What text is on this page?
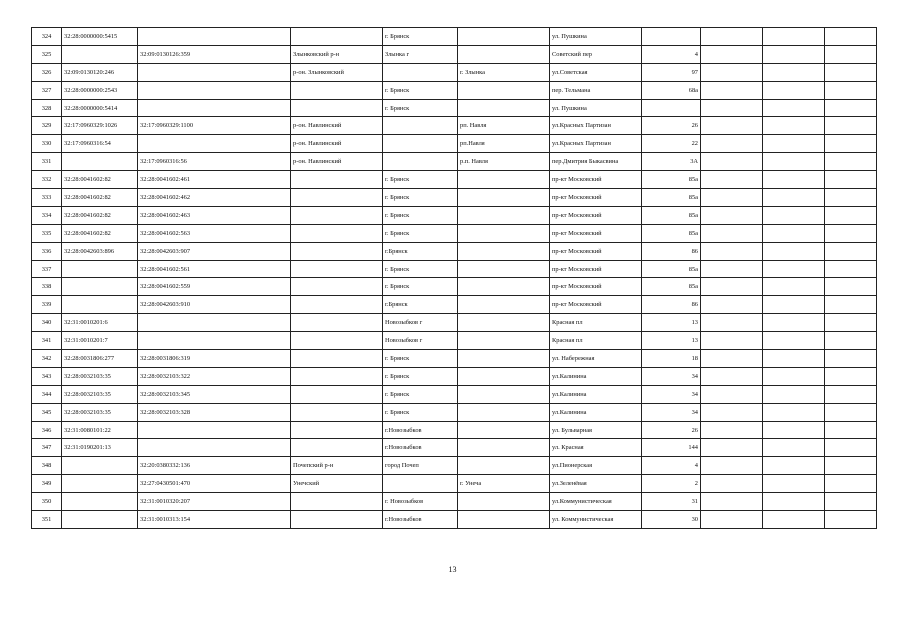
324	32:28:0000000:5415			г. Брянск		ул. Пушкина				
325		32:09:0130126:359	Злынковский р-н	Злынка г		Советский пер	4			
326	32:09:0130120:246		р-он. Злынковский		г. Злынка	ул.Советская	97			
327	32:28:0000000:2543			г. Брянск		пер. Тельмана	68а			
328	32:28:0000000:5414			г. Брянск		ул. Пушкина				
329	32:17:0960329:1026	32:17:0960329:1100	р-он. Навлинский		рп. Навля	ул.Красных Партизан	26			
330	32:17:0960316:54		р-он. Навлинский		рп.Навля	ул.Красных Партизан	22			
331		32:17:0960316:56	р-он. Навлинский		р.п. Навля	пер.Дмитрия Быкасвина	3А			
332	32:28:0041602:82	32:28:0041602:461		г. Брянск		пр-кт Московский	85а			
333	32:28:0041602:82	32:28:0041602:462		г. Брянск		пр-кт Московский	85а			
334	32:28:0041602:82	32:28:0041602:463		г. Брянск		пр-кт Московский	85а			
335	32:28:0041602:82	32:28:0041602:563		г. Брянск		пр-кт Московский	85а			
336	32:28:0042603:896	32:28:0042603:907		г.Брянск		пр-кт Московский	86			
337		32:28:0041602:561		г. Брянск		пр-кт Московский	85а			
338		32:28:0041602:559		г. Брянск		пр-кт Московский	85а			
339		32:28:0042603:910		г.Брянск		пр-кт Московский	86			
340	32:31:0010201:6			Новозыбков г		Красная пл	13			
341	32:31:0010201:7			Новозыбков г		Красная пл	13			
342	32:28:0031806:277	32:28:0031806:319		г. Брянск		ул. Набережная	18			
343	32:28:0032103:35	32:28:0032103:322		г. Брянск		ул.Калинина	34			
344	32:28:0032103:35	32:28:0032103:345		г. Брянск		ул.Калинина	34			
345	32:28:0032103:35	32:28:0032103:328		г. Брянск		ул.Калинина	34			
346	32:31:0080101:22			г.Новозыбков		ул. Бульварная	26			
347	32:31:0190201:13			г.Новозыбков		ул. Красная	144			
348		32:20:0380332:136	Почепский р-н	город Почеп		ул.Пионерская	4			
349		32:27:0430501:470	Унечский		г. Унеча	ул.Зеленёвая	2			
350		32:31:0010320:207		г. Новозыбков		ул.Коммунистическая	31			
351		32:31:0010313:154		г.Новозыбков		ул. Коммунистическая	30			
13
